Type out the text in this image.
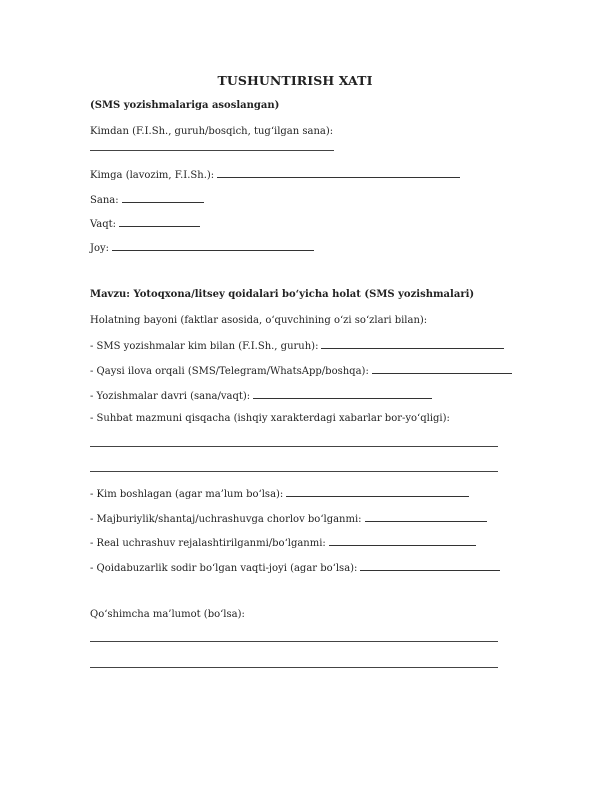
TUSHUNTIRISH XATI
(SMS yozishmalariga asoslangan)
Kimdan (F.I.Sh., guruh/bosqich, tug‘ilgan sana):
Kimga (lavozim, F.I.Sh.):
Sana:
Vaqt:
Joy:
Mavzu: Yotoqxona/litsey qoidalari bo‘yicha holat (SMS yozishmalari)
Holatning bayoni (faktlar asosida, o‘quvchining o‘zi so‘zlari bilan):
- SMS yozishmalar kim bilan (F.I.Sh., guruh):
- Qaysi ilova orqali (SMS/Telegram/WhatsApp/boshqa):
- Yozishmalar davri (sana/vaqt):
- Suhbat mazmuni qisqacha (ishqiy xarakterdagi xabarlar bor-yo‘qligi):
- Kim boshlagan (agar ma’lum bo‘lsa):
- Majburiylik/shantaj/uchrashuvga chorlov bo‘lganmi:
- Real uchrashuv rejalashtirilganmi/bo‘lganmi:
- Qoidabuzarlik sodir bo‘lgan vaqti-joyi (agar bo‘lsa):
Qo‘shimcha ma’lumot (bo‘lsa):
